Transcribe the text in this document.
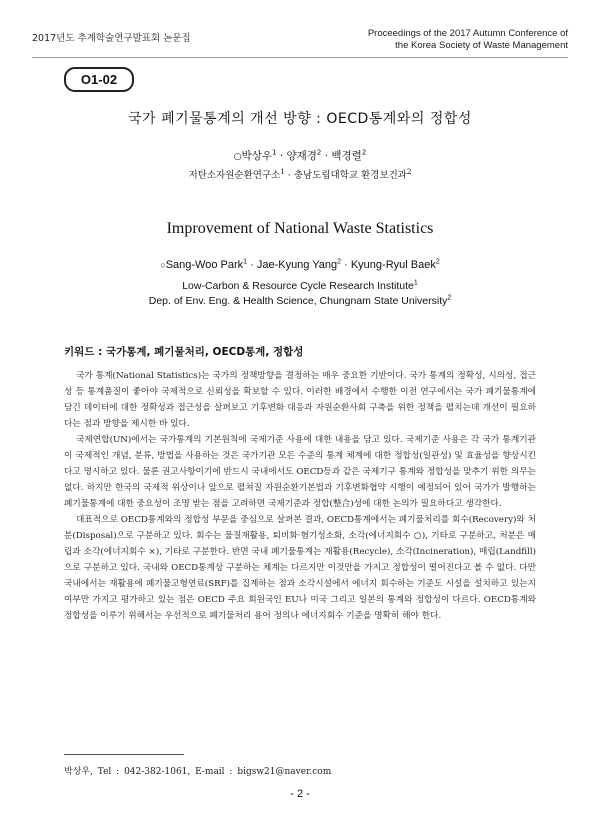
2017년도 추계학술연구발표회 논문집	Proceedings of the 2017 Autumn Conference of
the Korea Society of Waste Management
O1-02
국가 폐기물통계의 개선 방향 : OECD통계와의 정합성
○박상우$^1$ · 양재경$^2$ · 백경렬$^2$
저탄소자원순환연구소$^1$ · 충남도립대학교 환경보건과$^2$
Improvement of National Waste Statistics
○Sang-Woo Park$^1$ · Jae-Kyung Yang$^2$ · Kyung-Ryul Baek$^2$
Low-Carbon & Resource Cycle Research Institute$^1$
Dep. of Env. Eng. & Health Science, Chungnam State University$^2$
키워드 : 국가통계, 폐기물처리, OECD통계, 정합성

국가 통계(National Statistics)는 국가의 정책방향을 결정하는 매우 중요한 기반이다. 국가 통계의 정확성, 시의성, 접근성 등 통계품질이 좋아야 국제적으로 신뢰성을 확보할 수 있다. 이러한 배경에서 수행한 이전 연구에서는 국가 폐기물통계에 담긴 데이터에 대한 정확성과 접근성을 살펴보고 기후변화 대응과 자원순환사회 구축을 위한 정책을 펼치는데 개선이 필요하다는 점과 방향을 제시한 바 있다.

국제연합(UN)에서는 국가통계의 기본원칙에 국제기준 사용에 대한 내용을 담고 있다. 국제기준 사용은 각 국가 통계기관이 국제적인 개념, 분류, 방법을 사용하는 것은 국가기관 모든 수준의 통계 체계에 대한 정합성(일관성) 및 효율성을 향상시킨다고 명시하고 있다. 물론 권고사항이기에 반드시 국내에서도 OECD등과 같은 국제기구 통계와 정합성을 맞추기 위한 의무는 없다. 하지만 한국의 국제적 위상이나 앞으로 펼쳐질 자원순환기본법과 기후변화협약 시행이 예정되어 있어 국가가 발행하는 폐기물통계에 대한 중요성이 조명 받는 점을 고려하면 국제기준과 정합(整合)성에 대한 논의가 필요하다고 생각한다.

대표적으로 OECD통계와의 정합성 부문을 중심으로 살펴본 결과, OECD통계에서는 폐기물처리를 회수(Recovery)와 처분(Disposal)으로 구분하고 있다. 회수는 물질재활용, 퇴비화·혐기성소화, 소각(에너지회수 ○), 기타로 구분하고, 처분은 매립과 소각(에너지회수 ×), 기타로 구분한다. 반면 국내 폐기물통계는 재활용(Recycle), 소각(Incineration), 매립(Landfill)으로 구분하고 있다. 국내와 OECD통계상 구분하는 체계는 다르지만 이것만을 가지고 정합성이 떨어진다고 볼 수 없다. 다만 국내에서는 재활용에 폐기물고형연료(SRF)를 집계하는 점과 소각시설에서 에너지 회수하는 기준도 시설을 설치하고 있는지 여부만 가지고 평가하고 있는 점은 OECD 주요 회원국인 EU나 미국 그리고 일본의 통계와 정합성이 다르다. OECD통계와 정합성을 이루기 위해서는 우선적으로 폐기물처리 용어 정의나 에너지회수 기준을 명확히 해야 한다.

박상우, Tel : 042-382-1061, E-mail : bigsw21@naver.com
- 2 -
